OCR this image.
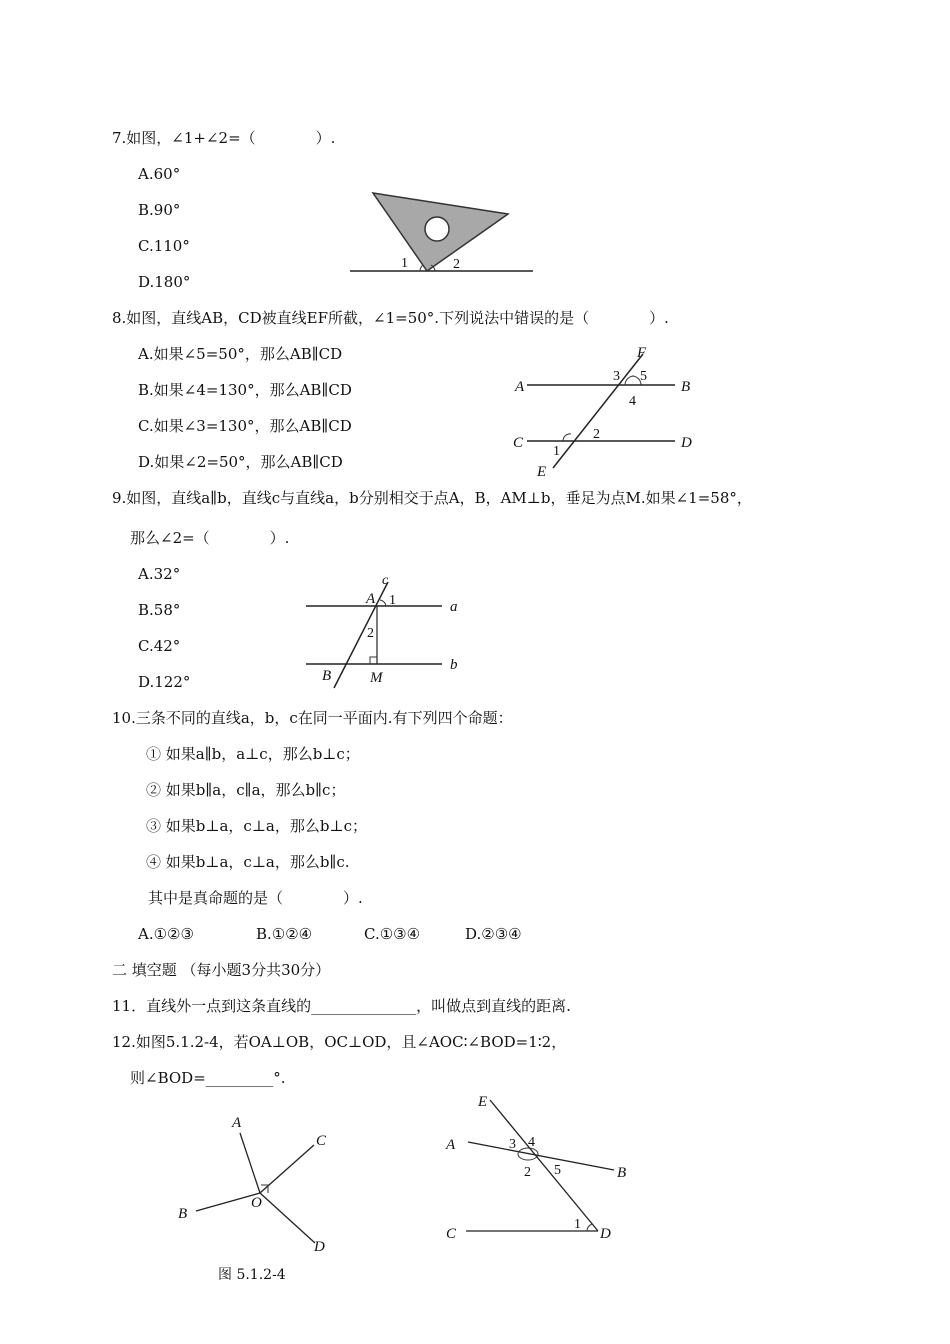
7.如图，∠1+∠2=（　　　　）.
A.60°
B.90°
C.110°
D.180°
1	2
8.如图，直线AB，CD被直线EF所截，∠1=50°.下列说法中错误的是（　　　　）.
A.如果∠5=50°，那么AB∥CD
B.如果∠4=130°，那么AB∥CD
C.如果∠3=130°，那么AB∥CD
D.如果∠2=50°，那么AB∥CD
A	B
C	D
E
F
1
2
3
4
5
9.如图，直线a∥b，直线c与直线a，b分别相交于点A，B，AM⊥b，垂足为点M.如果∠1=58°，
那么∠2=（　　　　）.
A.32°
B.58°
C.42°
D.122°
c
A 1	a
2
b
B	M
10.三条不同的直线a，b，c在同一平面内.有下列四个命题：
① 如果a∥b，a⊥c，那么b⊥c；
② 如果b∥a，c∥a，那么b∥c；
③ 如果b⊥a，c⊥a，那么b⊥c；
④ 如果b⊥a，c⊥a，那么b∥c.
其中是真命题的是（　　　　）.
A.①②③	B.①②④	C.①③④	D.②③④
二 填空题 （每小题3分共30分）
11．直线外一点到这条直线的______________，叫做点到直线的距离.
12.如图5.1.2-4，若OA⊥OB，OC⊥OD，且∠AOC∶∠BOD=1∶2，
则∠BOD=_________°.
A
C
B
O
D
图 5.1.2-4
E
A	3 4
2 5	B
C
1
D
